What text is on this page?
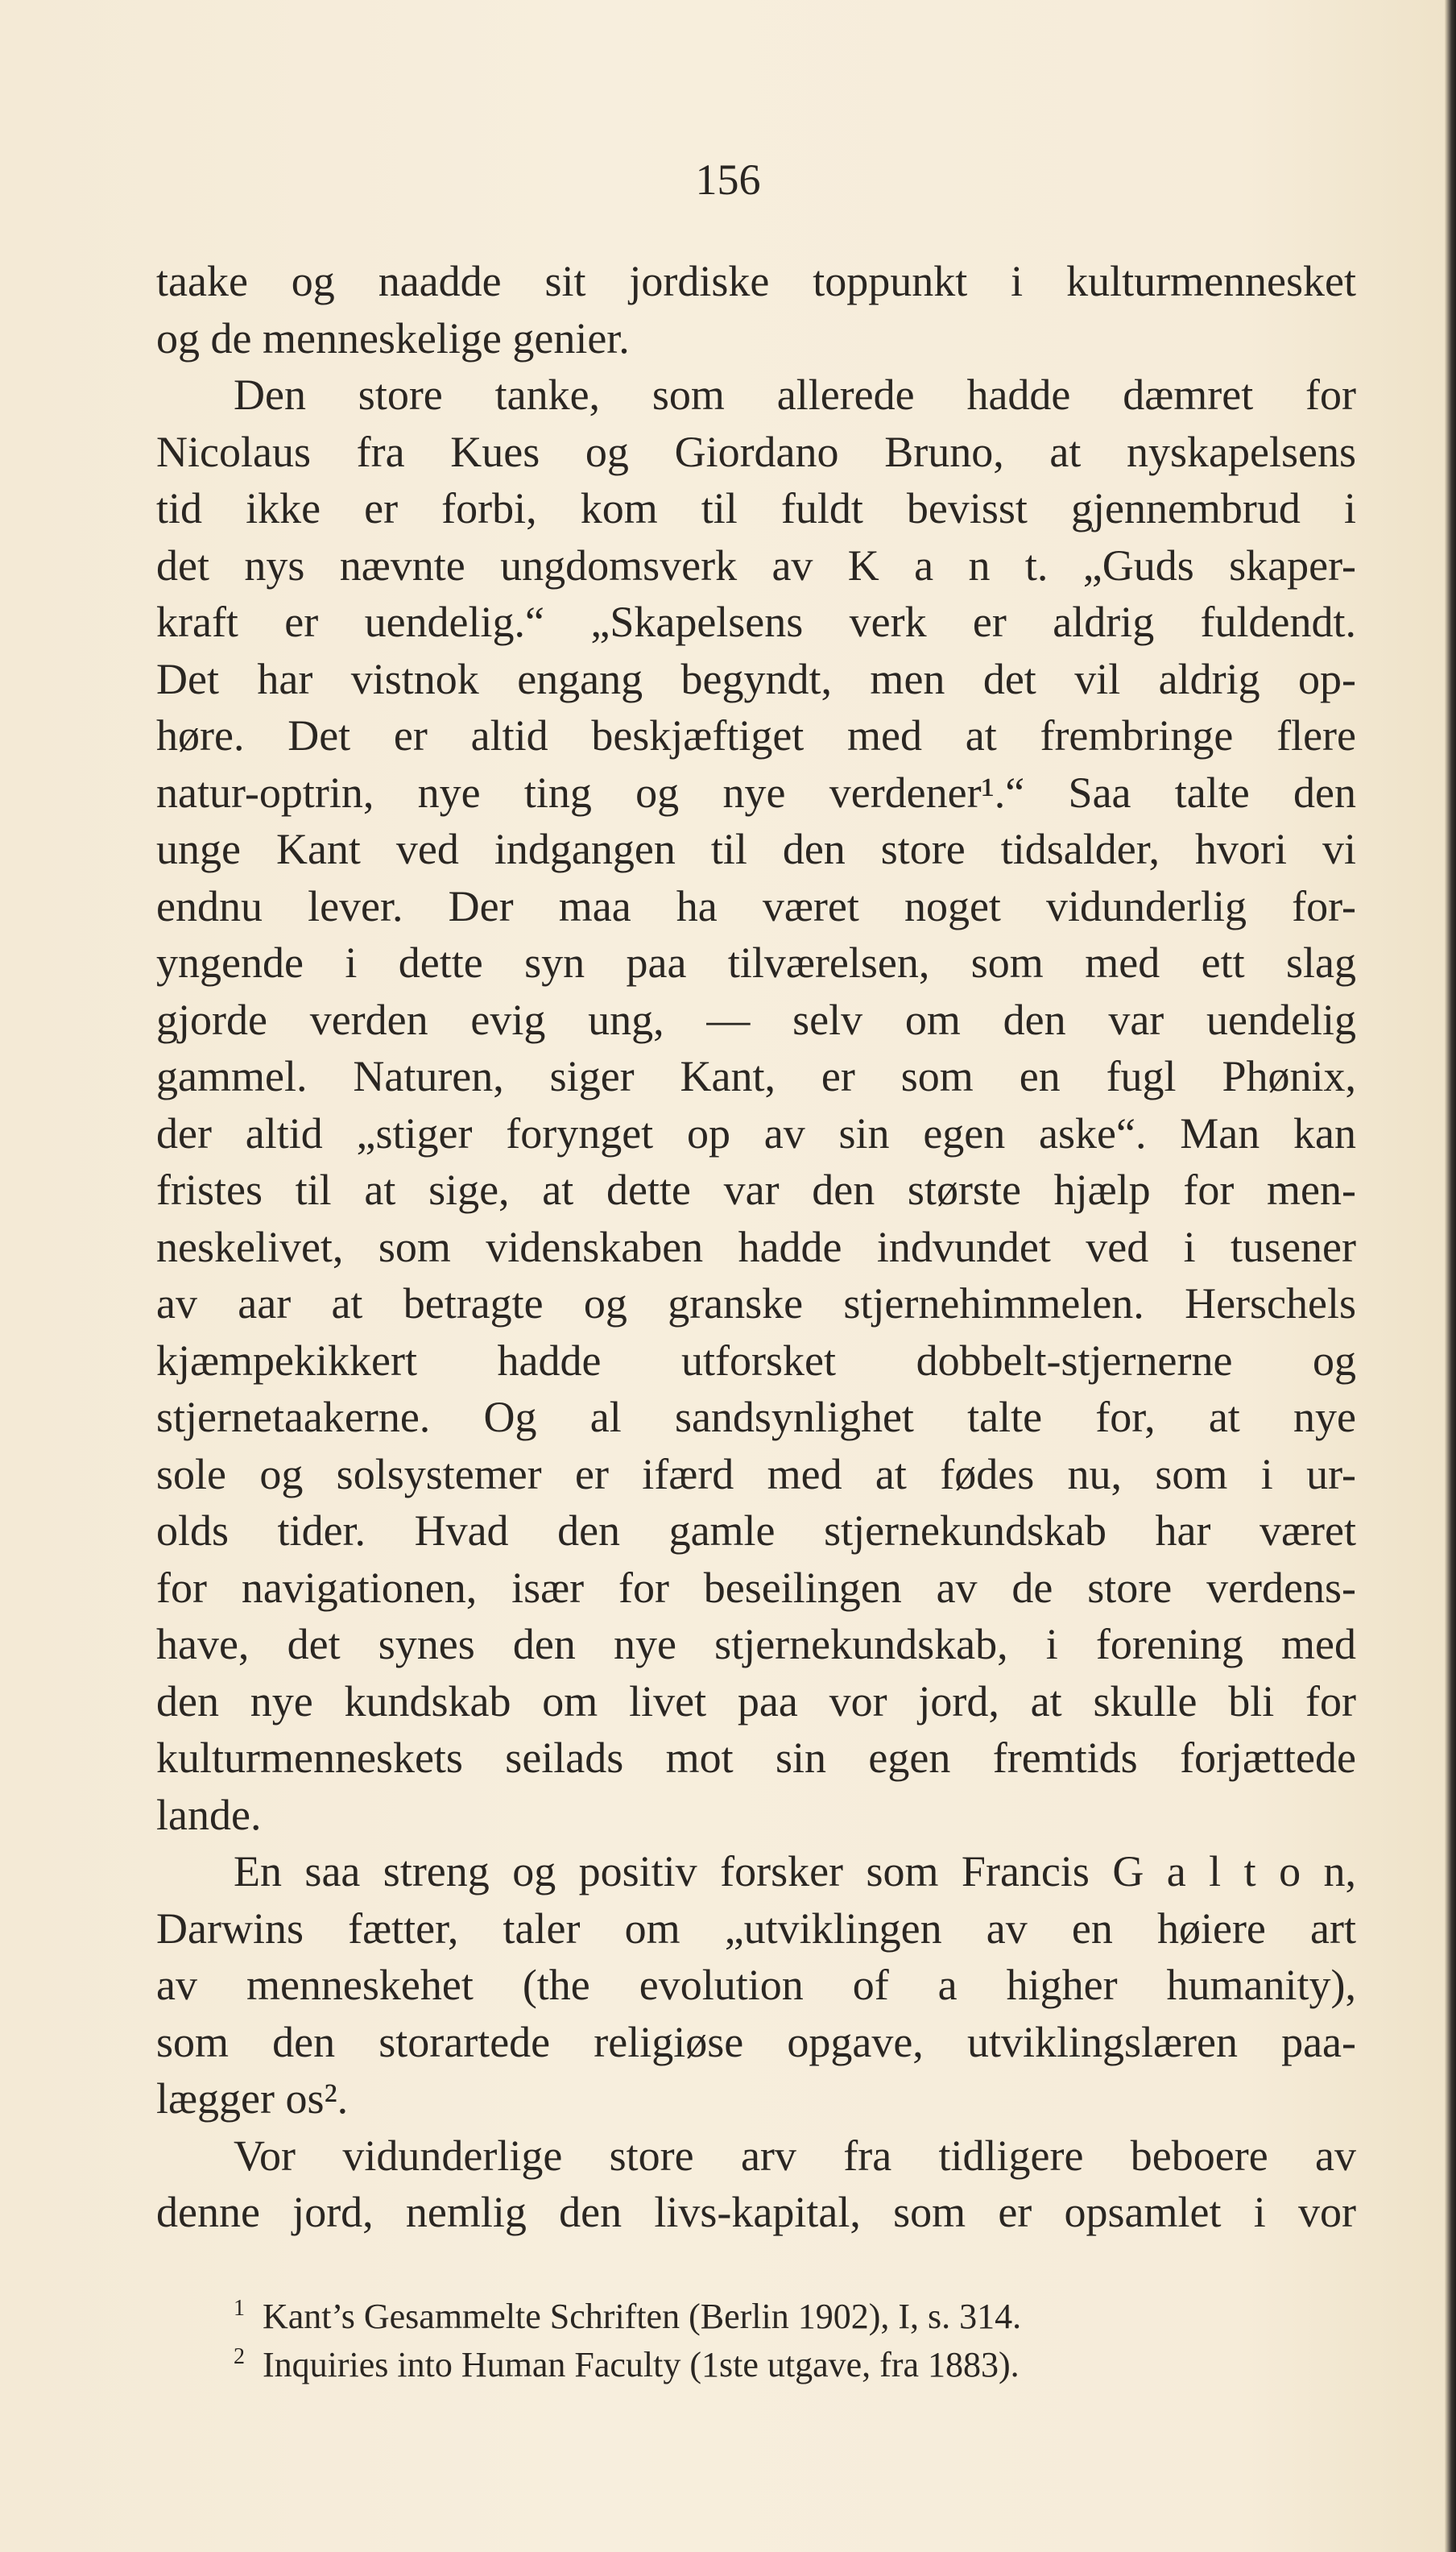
156
taake og naadde sit jordiske toppunkt i kulturmennesket
og de menneskelige genier.
Den store tanke, som allerede hadde dæmret for
Nicolaus fra Kues og Giordano Bruno, at nyskapelsens
tid ikke er forbi, kom til fuldt bevisst gjennembrud i
det nys nævnte ungdomsverk av K a n t. „Guds skaper-
kraft er uendelig.“ „Skapelsens verk er aldrig fuldendt.
Det har vistnok engang begyndt, men det vil aldrig op-
høre. Det er altid beskjæftiget med at frembringe flere
natur-optrin, nye ting og nye verdener¹.“ Saa talte den
unge Kant ved indgangen til den store tidsalder, hvori vi
endnu lever. Der maa ha været noget vidunderlig for-
yngende i dette syn paa tilværelsen, som med ett slag
gjorde verden evig ung, — selv om den var uendelig
gammel. Naturen, siger Kant, er som en fugl Phønix,
der altid „stiger forynget op av sin egen aske“. Man kan
fristes til at sige, at dette var den største hjælp for men-
neskelivet, som videnskaben hadde indvundet ved i tusener
av aar at betragte og granske stjernehimmelen. Herschels
kjæmpekikkert hadde utforsket dobbelt-stjernerne og
stjernetaakerne. Og al sandsynlighet talte for, at nye
sole og solsystemer er ifærd med at fødes nu, som i ur-
olds tider. Hvad den gamle stjernekundskab har været
for navigationen, især for beseilingen av de store verdens-
have, det synes den nye stjernekundskab, i forening med
den nye kundskab om livet paa vor jord, at skulle bli for
kulturmenneskets seilads mot sin egen fremtids forjættede
lande.
En saa streng og positiv forsker som Francis G a l t o n,
Darwins fætter, taler om „utviklingen av en høiere art
av menneskehet (the evolution of a higher humanity),
som den storartede religiøse opgave, utviklingslæren paa-
lægger os².
Vor vidunderlige store arv fra tidligere beboere av
denne jord, nemlig den livs-kapital, som er opsamlet i vor
$^1$ Kant’s Gesammelte Schriften (Berlin 1902), I, s. 314.
$^2$ Inquiries into Human Faculty (1ste utgave, fra 1883).
